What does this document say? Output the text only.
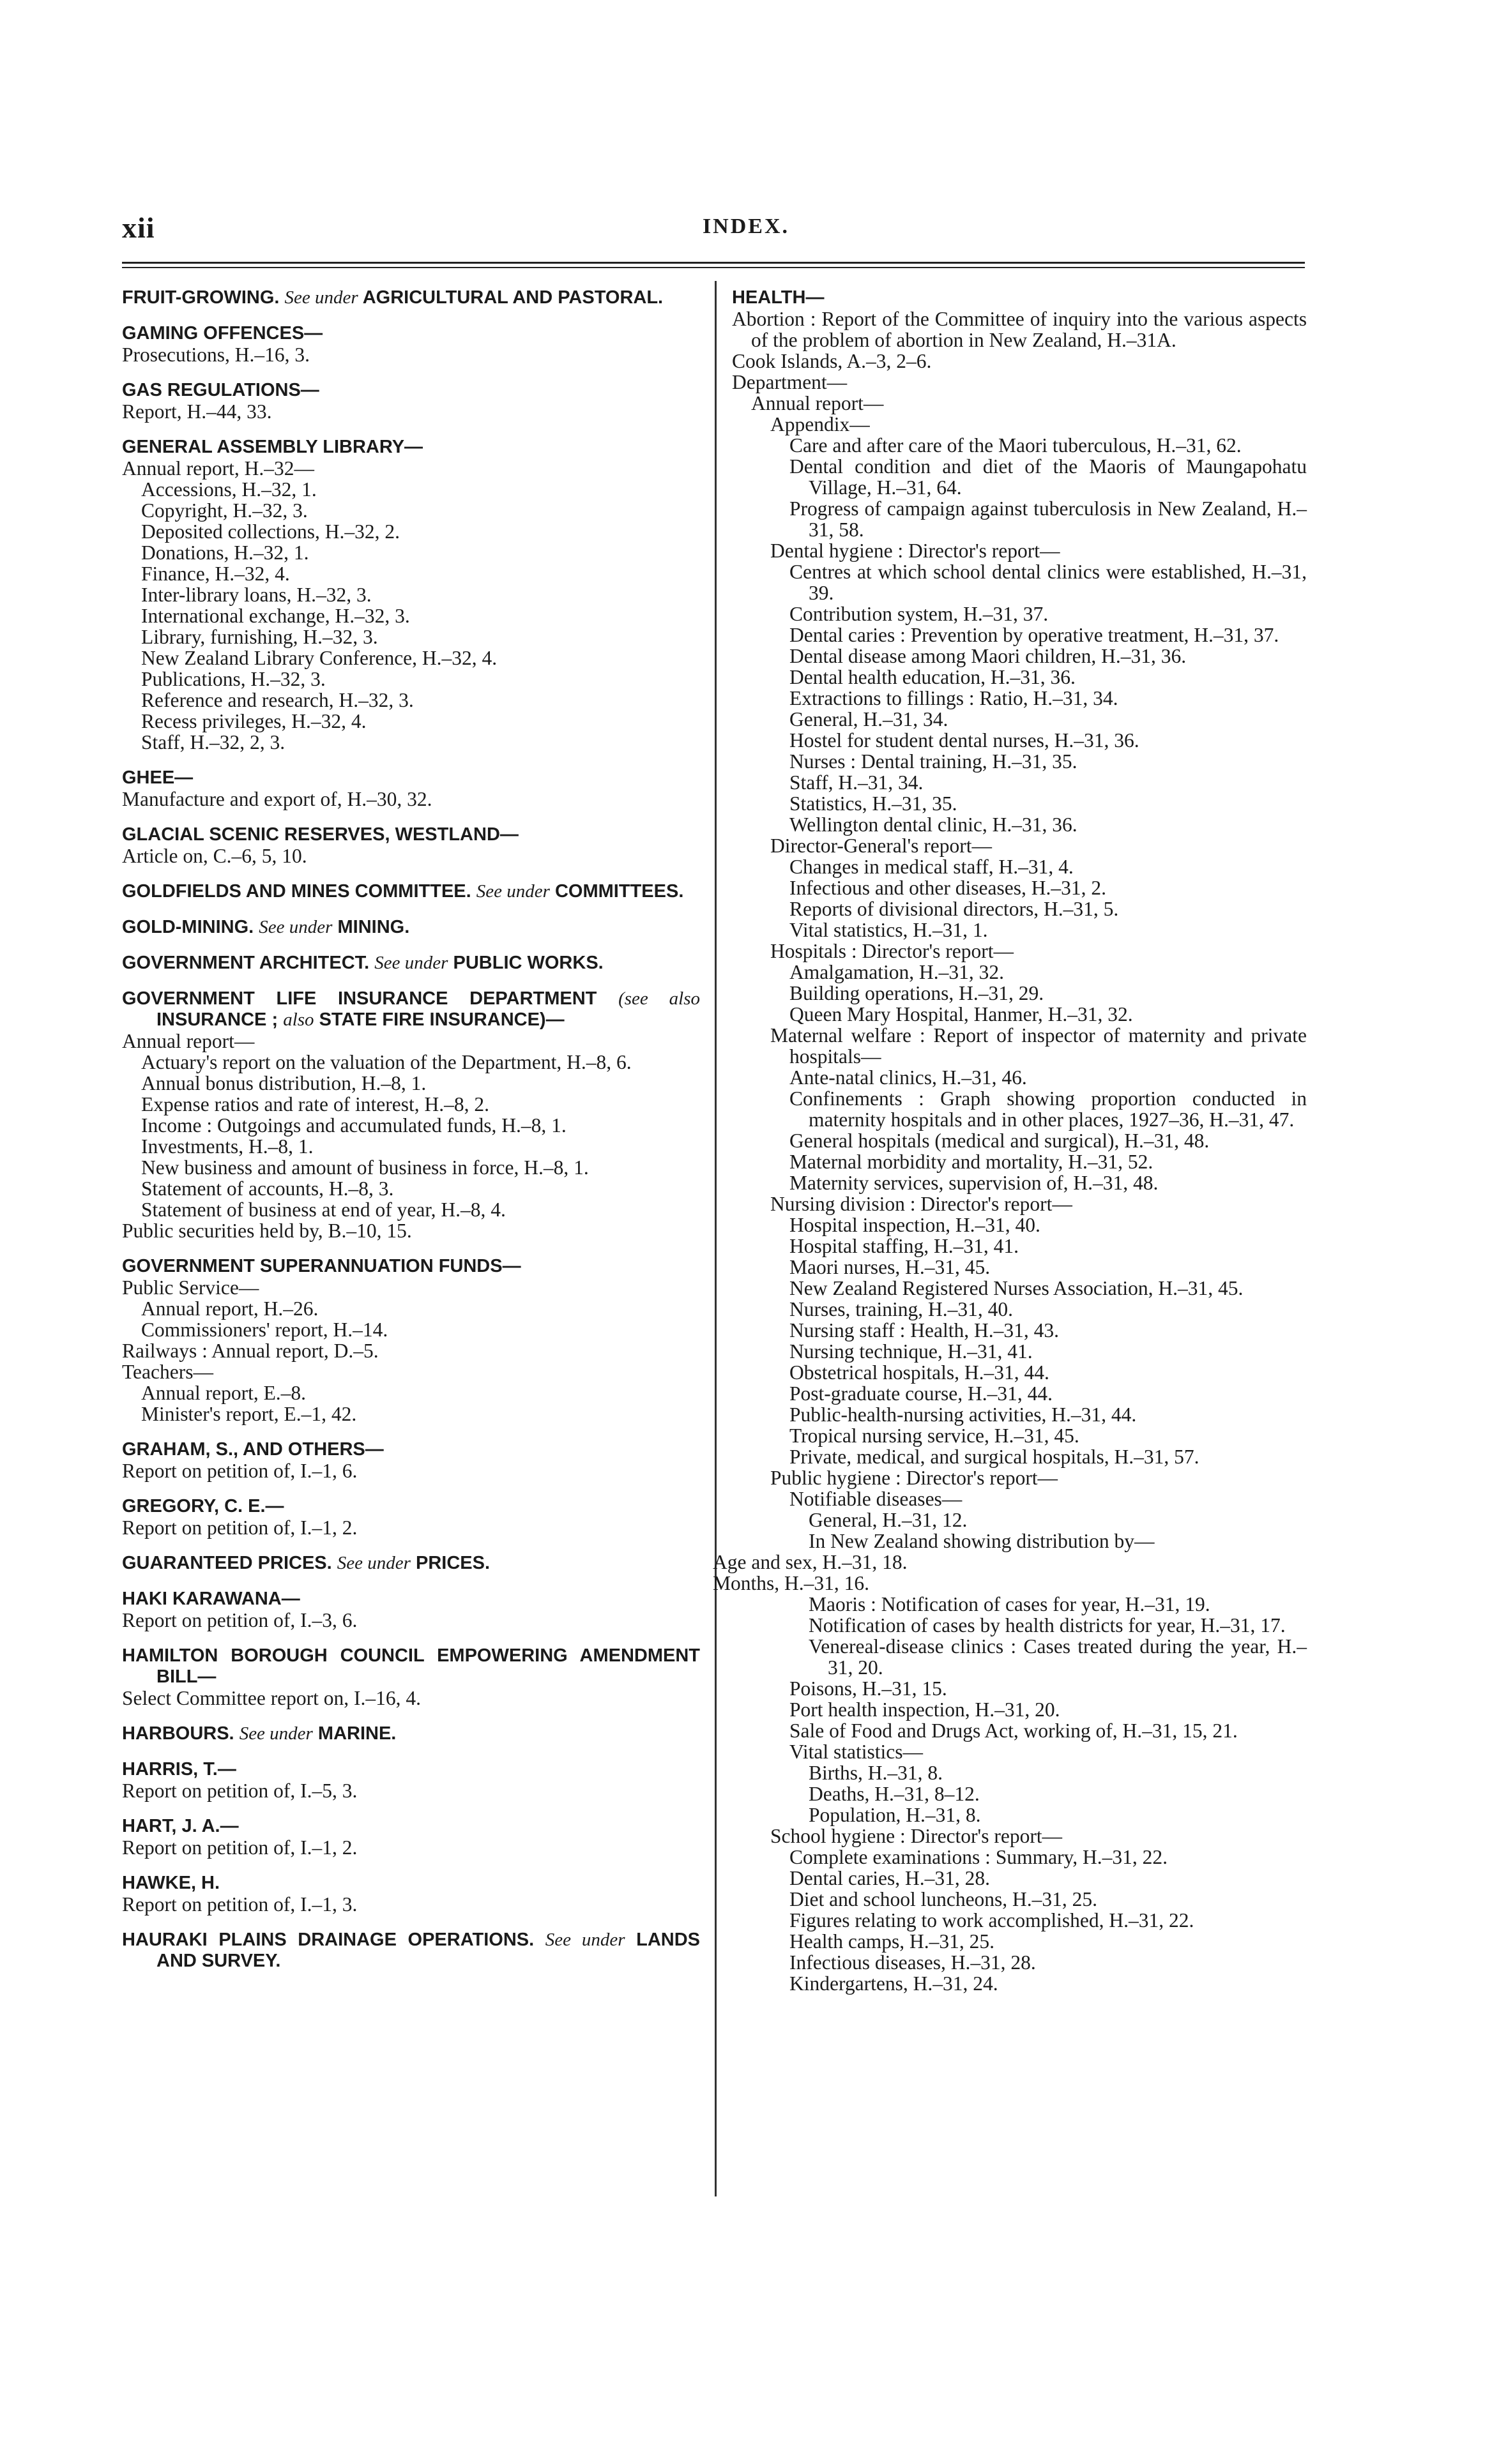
xii	INDEX.
FRUIT-GROWING. See under AGRICULTURAL AND PASTORAL.
GAMING OFFENCES—
Prosecutions, H.–16, 3.
GAS REGULATIONS—
Report, H.–44, 33.
GENERAL ASSEMBLY LIBRARY—
Annual report, H.–32—
Accessions, H.–32, 1.
Copyright, H.–32, 3.
Deposited collections, H.–32, 2.
Donations, H.–32, 1.
Finance, H.–32, 4.
Inter-library loans, H.–32, 3.
International exchange, H.–32, 3.
Library, furnishing, H.–32, 3.
New Zealand Library Conference, H.–32, 4.
Publications, H.–32, 3.
Reference and research, H.–32, 3.
Recess privileges, H.–32, 4.
Staff, H.–32, 2, 3.
GHEE—
Manufacture and export of, H.–30, 32.
GLACIAL SCENIC RESERVES, WESTLAND—
Article on, C.–6, 5, 10.
GOLDFIELDS AND MINES COMMITTEE. See under COMMITTEES.
GOLD-MINING. See under MINING.
GOVERNMENT ARCHITECT. See under PUBLIC WORKS.
GOVERNMENT LIFE INSURANCE DEPARTMENT (see also INSURANCE ; also STATE FIRE INSURANCE)—
Annual report—
Actuary's report on the valuation of the Department, H.–8, 6.
Annual bonus distribution, H.–8, 1.
Expense ratios and rate of interest, H.–8, 2.
Income : Outgoings and accumulated funds, H.–8, 1.
Investments, H.–8, 1.
New business and amount of business in force, H.–8, 1.
Statement of accounts, H.–8, 3.
Statement of business at end of year, H.–8, 4.
Public securities held by, B.–10, 15.
GOVERNMENT SUPERANNUATION FUNDS—
Public Service—
Annual report, H.–26.
Commissioners' report, H.–14.
Railways : Annual report, D.–5.
Teachers—
Annual report, E.–8.
Minister's report, E.–1, 42.
GRAHAM, S., AND OTHERS—
Report on petition of, I.–1, 6.
GREGORY, C. E.—
Report on petition of, I.–1, 2.
GUARANTEED PRICES. See under PRICES.
HAKI KARAWANA—
Report on petition of, I.–3, 6.
HAMILTON BOROUGH COUNCIL EMPOWERING AMENDMENT BILL—
Select Committee report on, I.–16, 4.
HARBOURS. See under MARINE.
HARRIS, T.—
Report on petition of, I.–5, 3.
HART, J. A.—
Report on petition of, I.–1, 2.
HAWKE, H.
Report on petition of, I.–1, 3.
HAURAKI PLAINS DRAINAGE OPERATIONS. See under LANDS AND SURVEY.
HEALTH—
Abortion : Report of the Committee of inquiry into the various aspects of the problem of abortion in New Zealand, H.–31A.
Cook Islands, A.–3, 2–6.
Department—
Annual report—
Appendix—
Care and after care of the Maori tuberculous, H.–31, 62.
Dental condition and diet of the Maoris of Maungapohatu Village, H.–31, 64.
Progress of campaign against tuberculosis in New Zealand, H.–31, 58.
Dental hygiene : Director's report—
Centres at which school dental clinics were established, H.–31, 39.
Contribution system, H.–31, 37.
Dental caries : Prevention by operative treatment, H.–31, 37.
Dental disease among Maori children, H.–31, 36.
Dental health education, H.–31, 36.
Extractions to fillings : Ratio, H.–31, 34.
General, H.–31, 34.
Hostel for student dental nurses, H.–31, 36.
Nurses : Dental training, H.–31, 35.
Staff, H.–31, 34.
Statistics, H.–31, 35.
Wellington dental clinic, H.–31, 36.
Director-General's report—
Changes in medical staff, H.–31, 4.
Infectious and other diseases, H.–31, 2.
Reports of divisional directors, H.–31, 5.
Vital statistics, H.–31, 1.
Hospitals : Director's report—
Amalgamation, H.–31, 32.
Building operations, H.–31, 29.
Queen Mary Hospital, Hanmer, H.–31, 32.
Maternal welfare : Report of inspector of maternity and private hospitals—
Ante-natal clinics, H.–31, 46.
Confinements : Graph showing proportion conducted in maternity hospitals and in other places, 1927–36, H.–31, 47.
General hospitals (medical and surgical), H.–31, 48.
Maternal morbidity and mortality, H.–31, 52.
Maternity services, supervision of, H.–31, 48.
Nursing division : Director's report—
Hospital inspection, H.–31, 40.
Hospital staffing, H.–31, 41.
Maori nurses, H.–31, 45.
New Zealand Registered Nurses Association, H.–31, 45.
Nurses, training, H.–31, 40.
Nursing staff : Health, H.–31, 43.
Nursing technique, H.–31, 41.
Obstetrical hospitals, H.–31, 44.
Post-graduate course, H.–31, 44.
Public-health-nursing activities, H.–31, 44.
Tropical nursing service, H.–31, 45.
Private, medical, and surgical hospitals, H.–31, 57.
Public hygiene : Director's report—
Notifiable diseases—
General, H.–31, 12.
In New Zealand showing distribution by—
Age and sex, H.–31, 18.
Months, H.–31, 16.
Maoris : Notification of cases for year, H.–31, 19.
Notification of cases by health districts for year, H.–31, 17.
Venereal-disease clinics : Cases treated during the year, H.–31, 20.
Poisons, H.–31, 15.
Port health inspection, H.–31, 20.
Sale of Food and Drugs Act, working of, H.–31, 15, 21.
Vital statistics—
Births, H.–31, 8.
Deaths, H.–31, 8–12.
Population, H.–31, 8.
School hygiene : Director's report—
Complete examinations : Summary, H.–31, 22.
Dental caries, H.–31, 28.
Diet and school luncheons, H.–31, 25.
Figures relating to work accomplished, H.–31, 22.
Health camps, H.–31, 25.
Infectious diseases, H.–31, 28.
Kindergartens, H.–31, 24.
